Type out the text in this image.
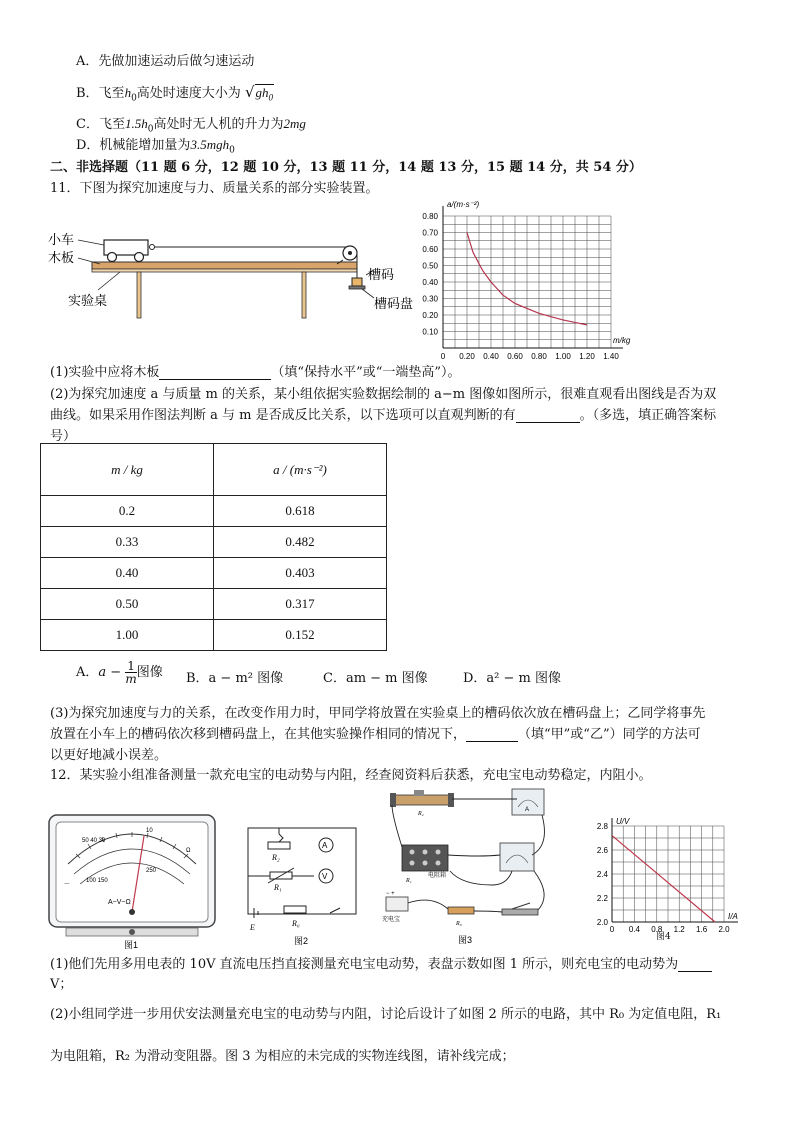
A．先做加速运动后做匀速运动
B．飞至$h_0$高处时速度大小为 $√gh_0$
C．飞至$1.5h_0$高处时无人机的升力为2mg
D．机械能增加量为3.5mgh$_0$
二、非选择题（11 题 6 分，12 题 10 分，13 题 11 分，14 题 13 分，15 题 14 分，共 54 分）
11．下图为探究加速度与力、质量关系的部分实验装置。
小车
木板
实验桌
槽码
槽码盘
0.10
0.20
0.30
0.40
0.50
0.60
0.70
0.80
0 0.20 0.40 0.60 0.80 1.00 1.20 1.40
a/(m·s⁻²)
m/kg
(1)实验中应将木板	（填“保持水平”或“一端垫高”）。
(2)为探究加速度 a 与质量 m 的关系，某小组依据实验数据绘制的 a−m 图像如图所示，很难直观看出图线是否为双
曲线。如果采用作图法判断 a 与 m 是否成反比关系，以下选项可以直观判断的有	。（多选，填正确答案标
号）
m / kg	a / (m·s⁻²)
0.2	0.618
0.33	0.482
0.40	0.403
0.50	0.317
1.00	0.152
A．$a - \frac{1}{m}$ 图像 B．a − m² 图像	C．am − m 图像	D．a² − m 图像
(3)为探究加速度与力的关系，在改变作用力时，甲同学将放置在实验桌上的槽码依次放在槽码盘上；乙同学将事先
放置在小车上的槽码依次移到槽码盘上，在其他实验操作相同的情况下，	（填“甲”或“乙”）同学的方法可
以更好地减小误差。
12．某实验小组准备测量一款充电宝的电动势与内阻，经查阅资料后获悉，充电宝电动势稳定，内阻小。
50 40 30
10
Ω
〜
100 150
250
A−V−Ω
图1
A
V
R₂
R₁
R₀
E
图2
R₂
A
R₁
电阻箱
− +
充电宝
R₀
图3
2.0
2.2
2.4
2.6
2.8
0 0.4 0.8 1.2 1.6 2.0
U/V
I/A
图4
(1)他们先用多用电表的 10V 直流电压挡直接测量充电宝电动势，表盘示数如图 1 所示，则充电宝的电动势为
V；
(2)小组同学进一步用伏安法测量充电宝的电动势与内阻，讨论后设计了如图 2 所示的电路，其中 R₀ 为定值电阻，R₁
为电阻箱，R₂ 为滑动变阻器。图 3 为相应的未完成的实物连线图，请补线完成；
